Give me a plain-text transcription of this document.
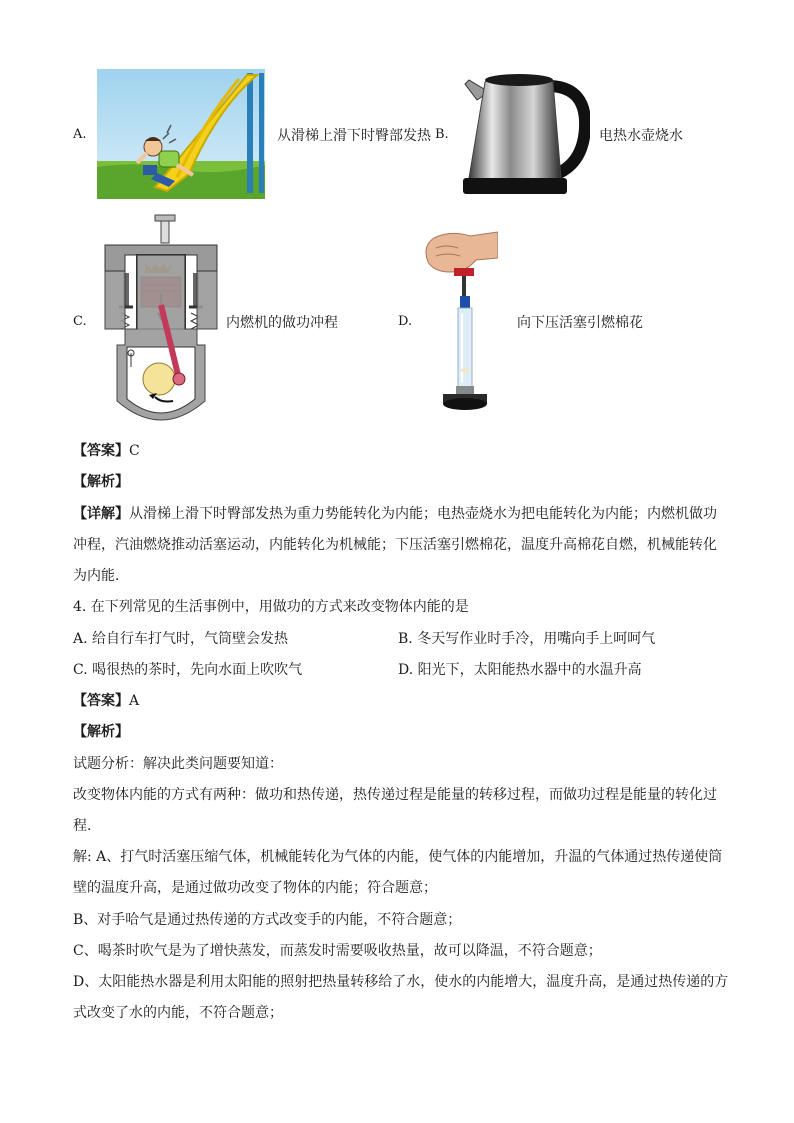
A.	从滑梯上滑下时臀部发热 B.	电热水壶烧水
C.	内燃机的做功冲程	D.	向下压活塞引燃棉花
【答案】C
【解析】
【详解】从滑梯上滑下时臀部发热为重力势能转化为内能；电热壶烧水为把电能转化为内能；内燃机做功
冲程，汽油燃烧推动活塞运动，内能转化为机械能；下压活塞引燃棉花，温度升高棉花自燃，机械能转化
为内能.
4. 在下列常见的生活事例中，用做功的方式来改变物体内能的是
A. 给自行车打气时，气筒壁会发热	B. 冬天写作业时手冷，用嘴向手上呵呵气
C. 喝很热的茶时，先向水面上吹吹气	D. 阳光下，太阳能热水器中的水温升高
【答案】A
【解析】
试题分析：解决此类问题要知道：
改变物体内能的方式有两种：做功和热传递，热传递过程是能量的转移过程，而做功过程是能量的转化过
程.
解: A、打气时活塞压缩气体，机械能转化为气体的内能，使气体的内能增加，升温的气体通过热传递使筒
壁的温度升高，是通过做功改变了物体的内能；符合题意；
B、对手哈气是通过热传递的方式改变手的内能，不符合题意；
C、喝茶时吹气是为了增快蒸发，而蒸发时需要吸收热量，故可以降温，不符合题意；
D、太阳能热水器是利用太阳能的照射把热量转移给了水，使水的内能增大，温度升高，是通过热传递的方
式改变了水的内能，不符合题意；
